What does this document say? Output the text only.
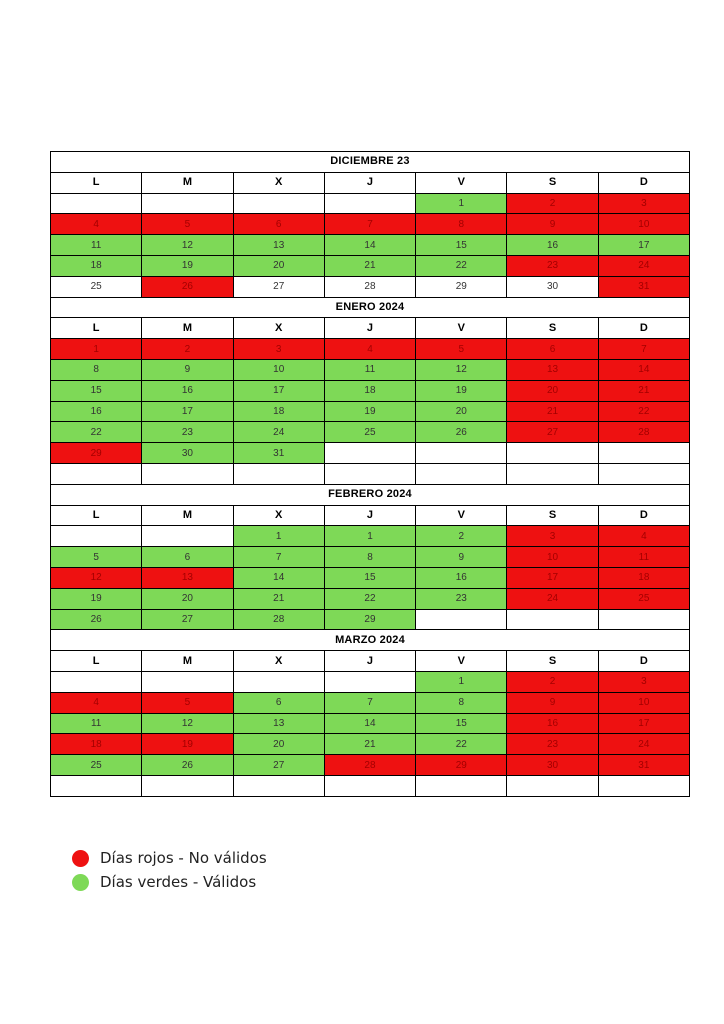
DICIEMBRE 23						
L	M	X	J	V	S	D
				1	2	3
4	5	6	7	8	9	10
11	12	13	14	15	16	17
18	19	20	21	22	23	24
25	26	27	28	29	30	31
ENERO 2024						
L	M	X	J	V	S	D
1	2	3	4	5	6	7
8	9	10	11	12	13	14
15	16	17	18	19	20	21
16	17	18	19	20	21	22
22	23	24	25	26	27	28
29	30	31				

FEBRERO 2024						
L	M	X	J	V	S	D
		1	1	2	3	4
5	6	7	8	9	10	11
12	13	14	15	16	17	18
19	20	21	22	23	24	25
26	27	28	29			
MARZO 2024						
L	M	X	J	V	S	D
				1	2	3
4	5	6	7	8	9	10
11	12	13	14	15	16	17
18	19	20	21	22	23	24
25	26	27	28	29	30	31

Días rojos - No válidos
Días verdes - Válidos
